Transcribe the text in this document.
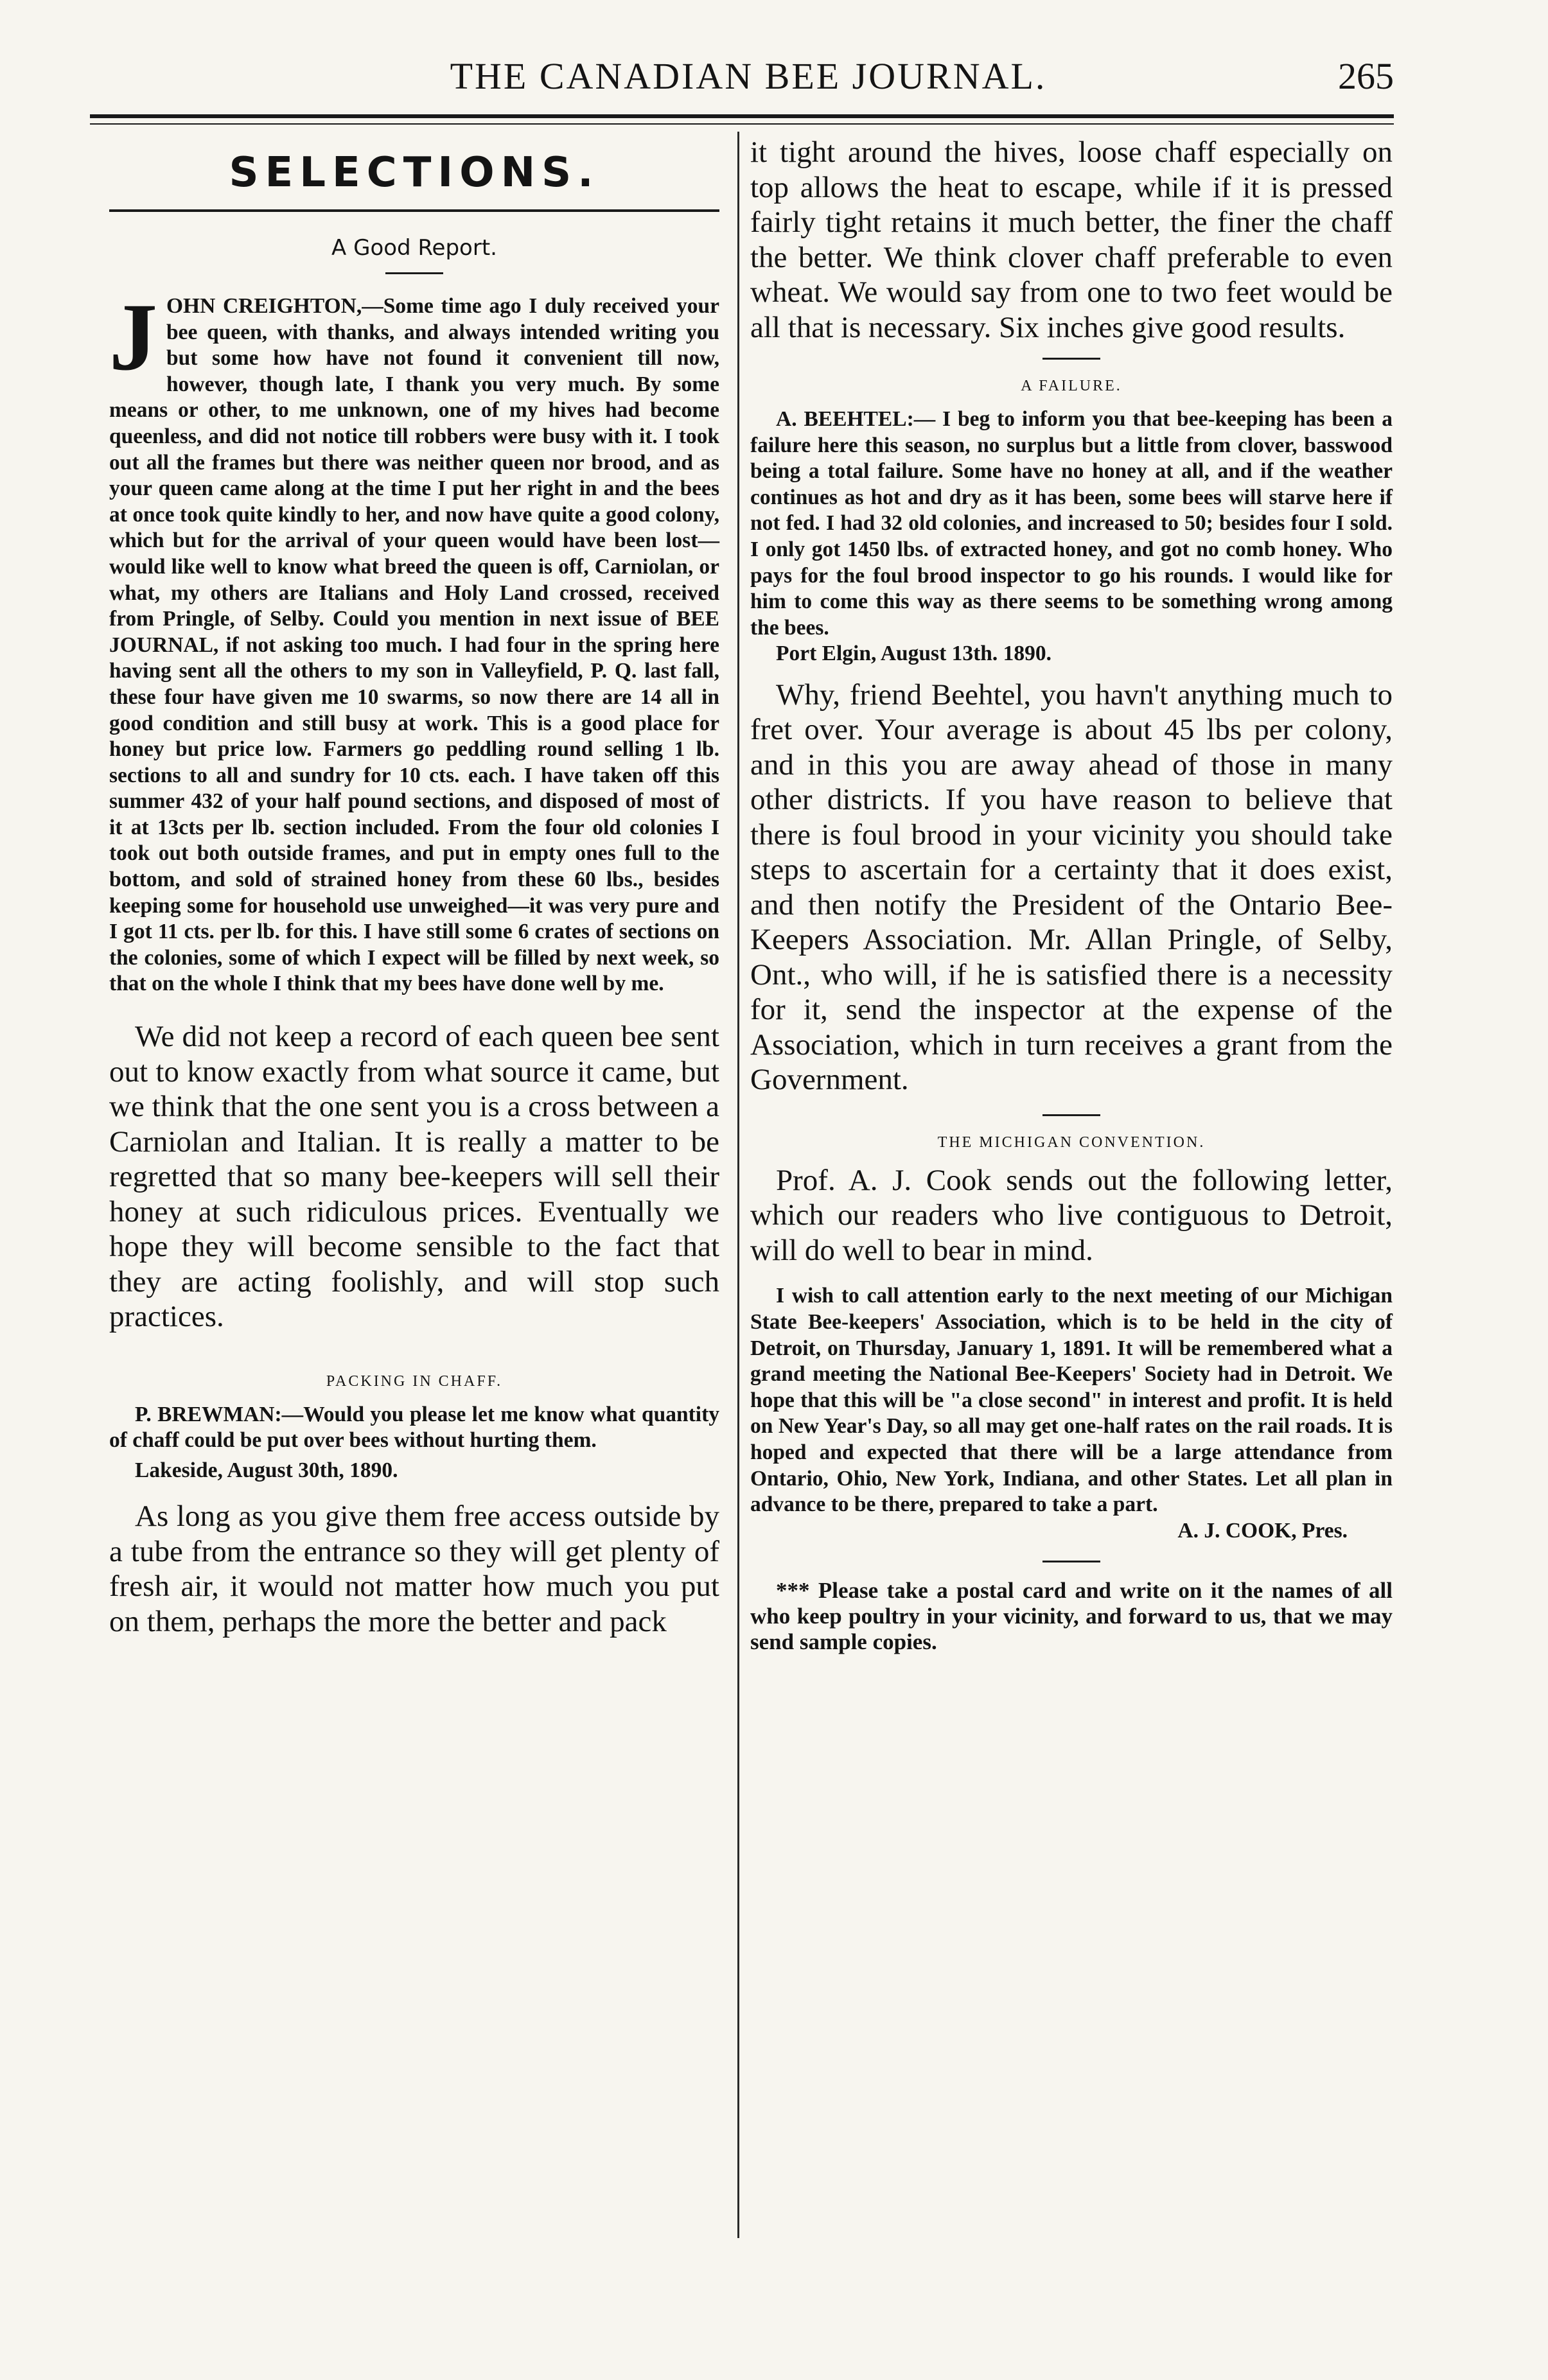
THE CANADIAN BEE JOURNAL.	265
SELECTIONS.
A Good Report.

JOHN CREIGHTON,—Some time ago I duly received your bee queen, with thanks, and always intended writing you but some how have not found it convenient till now, however, though late, I thank you very much. By some means or other, to me unknown, one of my hives had become queenless, and did not notice till robbers were busy with it. I took out all the frames but there was neither queen nor brood, and as your queen came along at the time I put her right in and the bees at once took quite kindly to her, and now have quite a good colony, which but for the arrival of your queen would have been lost—would like well to know what breed the queen is off, Carniolan, or what, my others are Italians and Holy Land crossed, received from Pringle, of Selby. Could you mention in next issue of BEE JOURNAL, if not asking too much. I had four in the spring here having sent all the others to my son in Valleyfield, P. Q. last fall, these four have given me 10 swarms, so now there are 14 all in good condition and still busy at work. This is a good place for honey but price low. Farmers go peddling round selling 1 lb. sections to all and sundry for 10 cts. each. I have taken off this summer 432 of your half pound sections, and disposed of most of it at 13cts per lb. section included. From the four old colonies I took out both outside frames, and put in empty ones full to the bottom, and sold of strained honey from these 60 lbs., besides keeping some for household use unweighed—it was very pure and I got 11 cts. per lb. for this. I have still some 6 crates of sections on the colonies, some of which I expect will be filled by next week, so that on the whole I think that my bees have done well by me.

We did not keep a record of each queen bee sent out to know exactly from what source it came, but we think that the one sent you is a cross between a Carniolan and Italian. It is really a matter to be regretted that so many bee-keepers will sell their honey at such ridiculous prices. Eventually we hope they will become sensible to the fact that they are acting foolishly, and will stop such practices.

PACKING IN CHAFF.

P. BREWMAN:—Would you please let me know what quantity of chaff could be put over bees without hurting them.

Lakeside, August 30th, 1890.

As long as you give them free access outside by a tube from the entrance so they will get plenty of fresh air, it would not matter how much you put on them, perhaps the more the better and pack

it tight around the hives, loose chaff especially on top allows the heat to escape, while if it is pressed fairly tight retains it much better, the finer the chaff the better. We think clover chaff preferable to even wheat. We would say from one to two feet would be all that is necessary. Six inches give good results.

A FAILURE.

A. BEEHTEL:— I beg to inform you that bee-keeping has been a failure here this season, no surplus but a little from clover, basswood being a total failure. Some have no honey at all, and if the weather continues as hot and dry as it has been, some bees will starve here if not fed. I had 32 old colonies, and increased to 50; besides four I sold. I only got 1450 lbs. of extracted honey, and got no comb honey. Who pays for the foul brood inspector to go his rounds. I would like for him to come this way as there seems to be something wrong among the bees.

Port Elgin, August 13th. 1890.

Why, friend Beehtel, you havn't anything much to fret over. Your average is about 45 lbs per colony, and in this you are away ahead of those in many other districts. If you have reason to believe that there is foul brood in your vicinity you should take steps to ascertain for a certainty that it does exist, and then notify the President of the Ontario Bee-Keepers Association. Mr. Allan Pringle, of Selby, Ont., who will, if he is satisfied there is a necessity for it, send the inspector at the expense of the Association, which in turn receives a grant from the Government.

THE MICHIGAN CONVENTION.

Prof. A. J. Cook sends out the following letter, which our readers who live contiguous to Detroit, will do well to bear in mind.

I wish to call attention early to the next meeting of our Michigan State Bee-keepers' Association, which is to be held in the city of Detroit, on Thursday, January 1, 1891. It will be remembered what a grand meeting the National Bee-Keepers' Society had in Detroit. We hope that this will be "a close second" in interest and profit. It is held on New Year's Day, so all may get one-half rates on the rail roads. It is hoped and expected that there will be a large attendance from Ontario, Ohio, New York, Indiana, and other States. Let all plan in advance to be there, prepared to take a part.

A. J. COOK, Pres.

*** Please take a postal card and write on it the names of all who keep poultry in your vicinity, and forward to us, that we may send sample copies.
